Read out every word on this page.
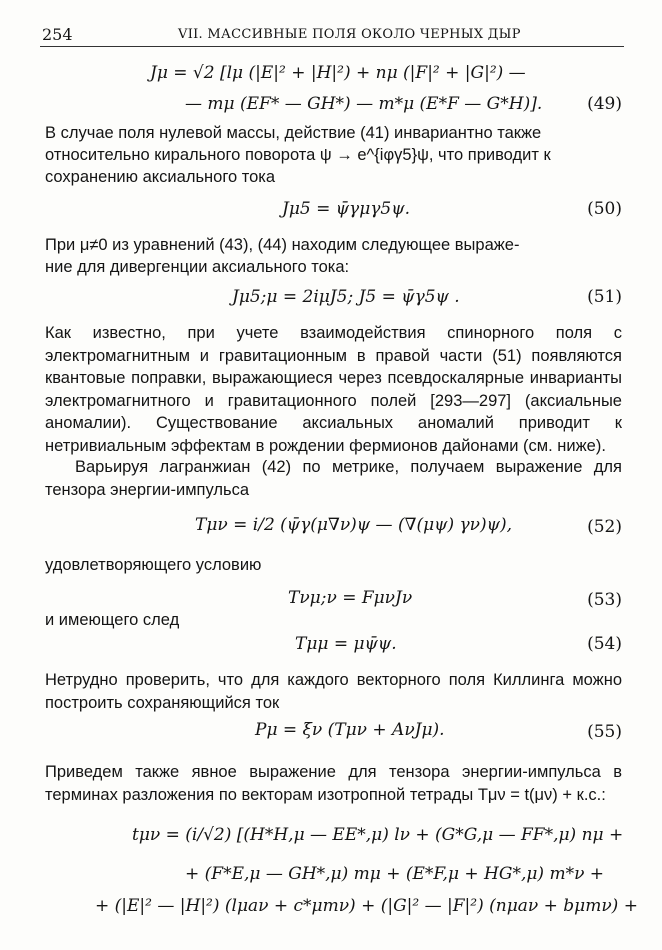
254	VII. МАССИВНЫЕ ПОЛЯ ОКОЛО ЧЕРНЫХ ДЫР
Jμ = √2 [lμ (|E|² + |H|²) + nμ (|F|² + |G|²) —
— mμ (EF* — GH*) — m*μ (E*F — G*H)].	(49)
В случае поля нулевой массы, действие (41) инвариантно также
относительно кирального поворота ψ → e^{iφγ5}ψ, что приводит к
сохранению аксиального тока
Jμ5 = ψ̄γμγ5ψ.	(50)
При μ≠0 из уравнений (43), (44) находим следующее выраже-
ние для дивергенции аксиального тока:
Jμ5;μ = 2iμJ5; J5 = ψ̄γ5ψ .	(51)
Как известно, при учете взаимодействия спинорного поля с электромагнитным и гравитационным в правой части (51) появляются квантовые поправки, выражающиеся через псевдоскалярные инварианты электромагнитного и гравитационного полей [293—297] (аксиальные аномалии). Существование аксиальных аномалий приводит к нетривиальным эффектам в рождении фермионов дайонами (см. ниже).
Варьируя лагранжиан (42) по метрике, получаем выражение для тензора энергии-импульса
Tμν = i/2 (ψ̄γ(μ∇ν)ψ — (∇(μψ) γν)ψ),	(52)
удовлетворяющего условию
Tνμ;ν = FμνJν	(53)
и имеющего след
Tμμ = μψ̄ψ.	(54)
Нетрудно проверить, что для каждого векторного поля Киллинга можно построить сохраняющийся ток
Pμ = ξν (Tμν + AνJμ).	(55)
Приведем также явное выражение для тензора энергии-импульса в терминах разложения по векторам изотропной тетрады Tμν = t(μν) + к.с.:
tμν = (i/√2) [(H*H,μ — EE*,μ) lν + (G*G,μ — FF*,μ) nμ +
+ (F*E,μ — GH*,μ) mμ + (E*F,μ + HG*,μ) m*ν +
+ (|E|² — |H|²) (lμaν + c*μmν) + (|G|² — |F|²) (nμaν + bμmν) +
